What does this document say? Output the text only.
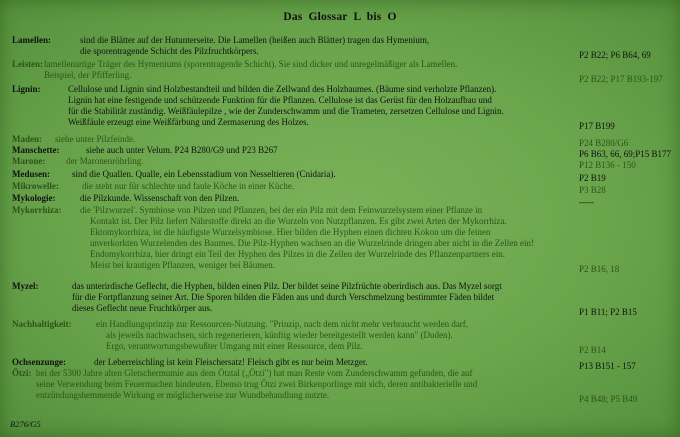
Das Glossar L bis O
Lamellen:	sind die Blätter auf der Hutunterseite. Die Lamellen (heißen auch Blätter) tragen das Hymenium,
die sporentragende Schicht des Pilzfruchtkörpers.	P2 B22; P6 B64, 69
Leisten: lamellenartige Träger des Hymeniums (sporentragende Schicht). Sie sind dicker und unregelmäßiger als Lamellen.
Beispiel, der Pfifferling.	P2 B22; P17 B193-197
Lignin:	Cellulose und Lignin sind Holzbestandteil und bilden die Zellwand des Holzbaumes. (Bäume sind verholzte Pflanzen).
Lignin hat eine festigende und schützende Funktion für die Pflanzen. Cellulose ist das Gerüst für den Holzaufbau und
für die Stabilität zuständig. Weißfäulepilze , wie der Zunderschwamm und die Trameten, zersetzen Cellulose und Lignin.
Weißfäule erzeugt eine Weißfärbung und Zermaserung des Holzes.	P17 B199
Maden: siehe unter Pilzfeinde.	P24 B280/G6
Manschette:	siehe auch unter Velum. P24 B280/G9 und P23 B267	P6 B63, 66, 69;P15 B177
Marone: der Maronenröhrling.	P12 B136 - 150
Medusen: sind die Quallen. Qualle, ein Lebensstadium von Nesseltieren (Cnidaria).	P2 B19
Mikrowelle:	die steht nur für schlechte und faule Köche in einer Küche.	P3 B28
Mykologie:	die Pilzkunde. Wissenschaft von den Pilzen.	-----
Mykorrhiza: die 'Pilzwurzel'. Symbiose von Pilzen und Pflanzen, bei der ein Pilz mit dem Feinwurzelsystem einer Pflanze in
Kontakt ist. Der Pilz liefert Nährstoffe direkt an die Wurzeln von Nutzpflanzen. Es gibt zwei Arten der Mykorrhiza.
Ektomykorrhiza, ist die häufigste Wurzelsymbiose. Hier bilden die Hyphen einen dichten Kokon um die feinen
unverkorkten Wurzelenden des Baumes. Die Pilz-Hyphen wachsen an die Wurzelrinde dringen aber nicht in die Zellen ein!
Endomykorrhiza, hier dringt ein Teil der Hyphen des Pilzes in die Zellen der Wurzelrinde des Pflanzenpartners ein.
Meist bei krautigen Pflanzen, weniger bei Bäumen.	P2 B16, 18
Myzel:	das unterirdische Geflecht, die Hyphen, bilden einen Pilz. Der bildet seine Pilzfrüchte oberirdisch aus. Das Myzel sorgt
für die Fortpflanzung seiner Art. Die Sporen bilden die Fäden aus und durch Verschmelzung bestimmter Fäden bildet
dieses Geflecht neue Fruchtkörper aus.	P1 B11; P2 B15
Nachhaltigkeit:	ein Handlungsprinzip zur Ressourcen-Nutzung. "Prinzip, nach dem nicht mehr verbraucht werden darf,
als jeweils nachwachsen, sich regenerieren, künftig wieder bereitgestellt werden kann" (Duden).
Ergo, verantwortungsbewußter Umgang mit einer Ressource, dem Pilz.	P2 B14
Ochsenzunge:	der Leberreischling ist kein Fleischersatz! Fleisch gibt es nur beim Metzger.	P13 B151 - 157
Ötzi: bei der 5300 Jahre alten Gletschermumie aus dem Ötztal („Ötzi") hat man Reste vom Zunderschwamm gefunden, die auf
seine Verwendung beim Feuermachen hindeuten. Ebenso trug Ötzi zwei Birkenporlinge mit sich, deren antibakterielle und
entzündungshemmende Wirkung er möglicherweise zur Wundbehandlung nutzte.	P4 B48; P5 B49
B276/G5
